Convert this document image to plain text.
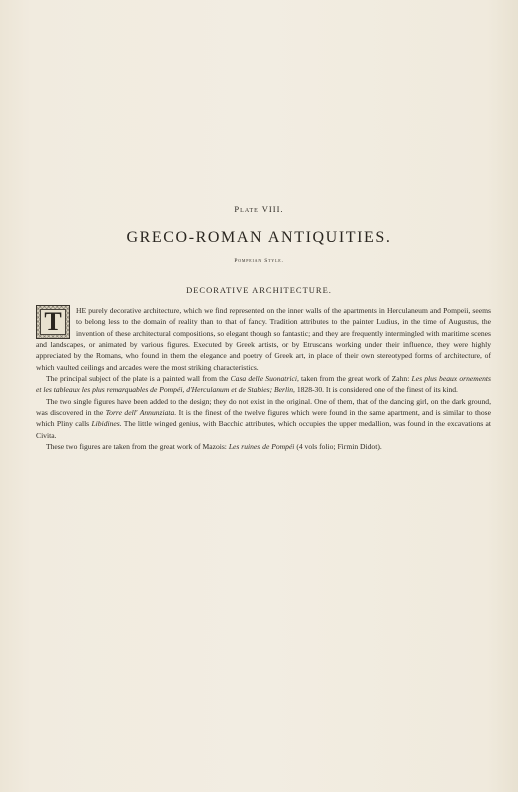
Plate VIII.
GRECO-ROMAN ANTIQUITIES.
Pompeian Style.
DECORATIVE ARCHITECTURE.

T	HE purely decorative architecture, which we find represented on the inner walls of the apartments in Herculaneum and Pompeii, seems to belong less to the domain of reality than to that of fancy. Tradition attributes to the painter Ludius, in the time of Augustus, the invention of these architectural compositions, so elegant though so fantastic; and they are frequently intermingled with maritime scenes and landscapes, or animated by various figures. Executed by Greek artists, or by Etruscans working under their influence, they were highly appreciated by the Romans, who found in them the elegance and poetry of Greek art, in place of their own stereotyped forms of architecture, of which vaulted ceilings and arcades were the most striking characteristics.

The principal subject of the plate is a painted wall from the Casa delle Suonatrici, taken from the great work of Zahn: Les plus beaux ornements et les tableaux les plus remarquables de Pompéi, d'Herculanum et de Stabies; Berlin, 1828-30. It is considered one of the finest of its kind.

The two single figures have been added to the design; they do not exist in the original. One of them, that of the dancing girl, on the dark ground, was discovered in the Torre dell' Annunziata. It is the finest of the twelve figures which were found in the same apartment, and is similar to those which Pliny calls Libidines. The little winged genius, with Bacchic attributes, which occupies the upper medallion, was found in the excavations at Civita.

These two figures are taken from the great work of Mazois: Les ruines de Pompéi (4 vols folio; Firmin Didot).
